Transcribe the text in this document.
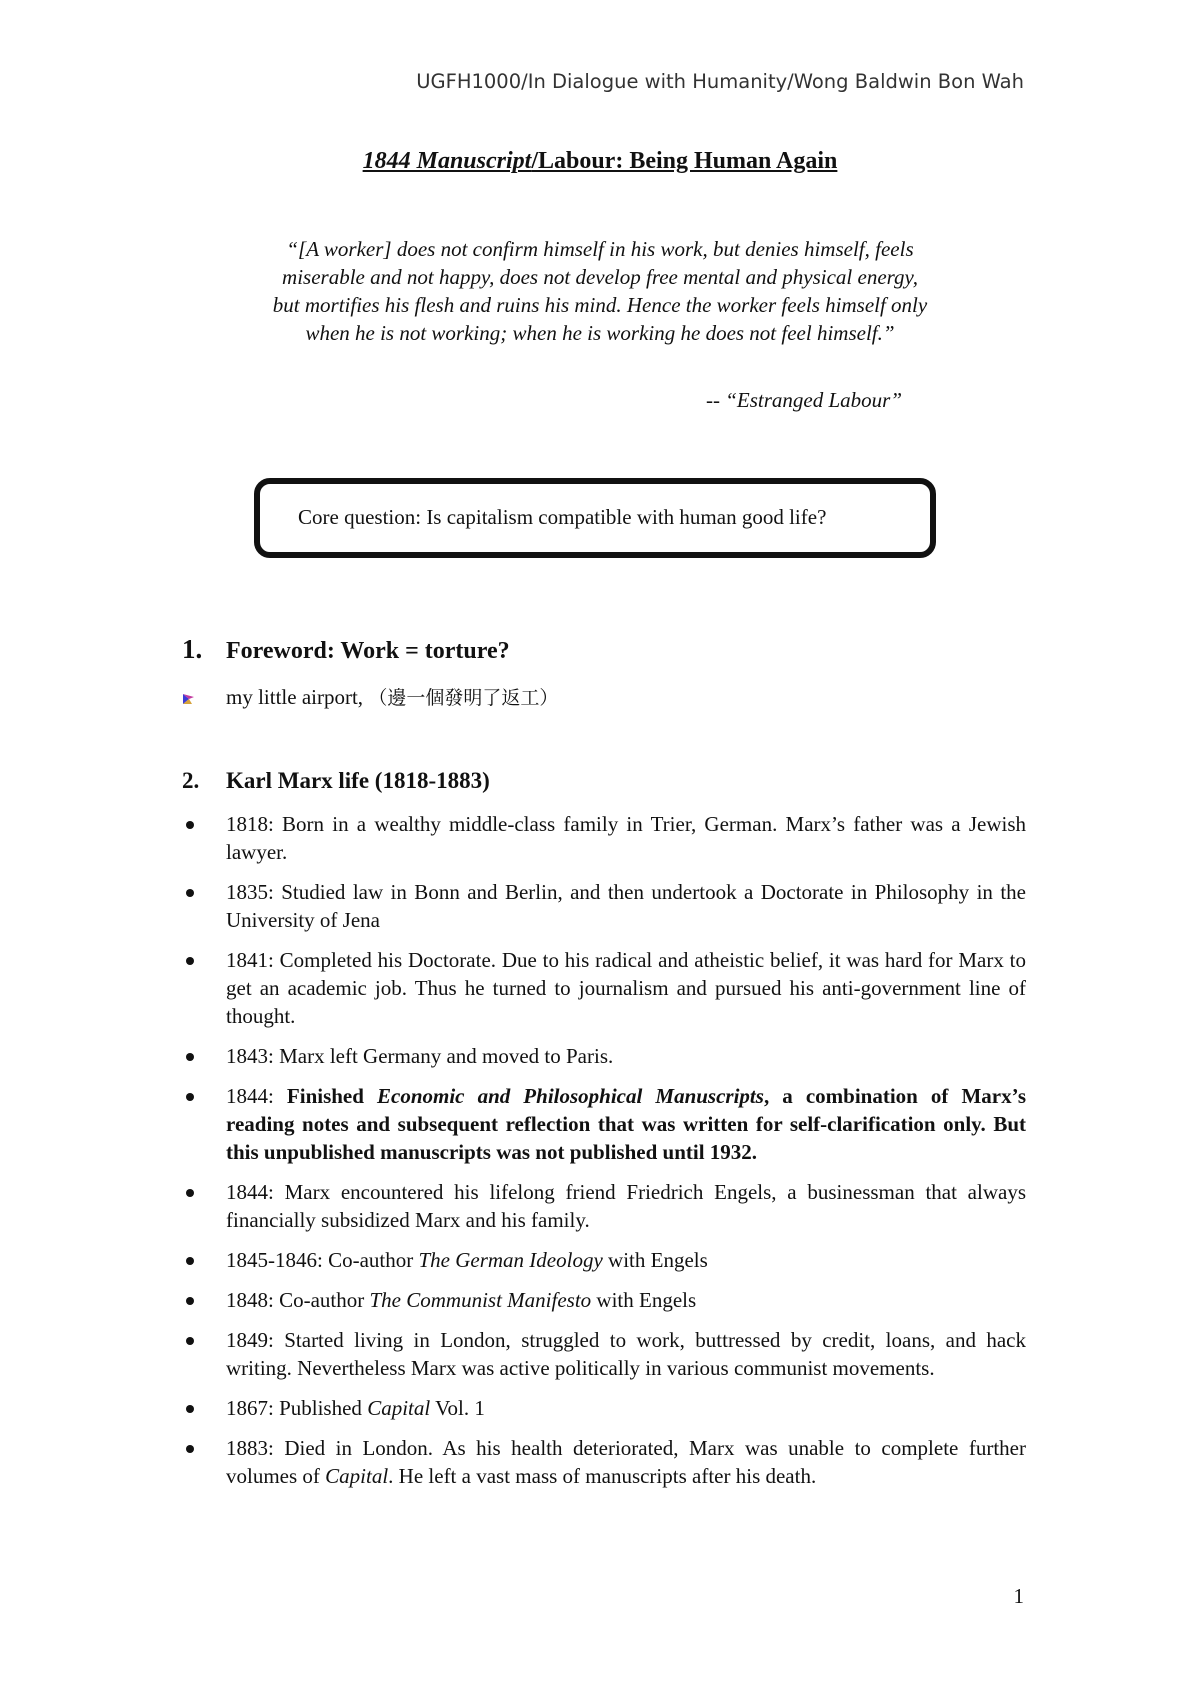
UGFH1000/In Dialogue with Humanity/Wong Baldwin Bon Wah
1844 Manuscript/Labour: Being Human Again
“[A worker] does not confirm himself in his work, but denies himself, feels miserable and not happy, does not develop free mental and physical energy, but mortifies his flesh and ruins his mind. Hence the worker feels himself only when he is not working; when he is working he does not feel himself.”
-- “Estranged Labour”
Core question: Is capitalism compatible with human good life?
1. Foreword: Work = torture?
my little airport, （邊一個發明了返工）
2. Karl Marx life (1818-1883)
1818: Born in a wealthy middle-class family in Trier, German. Marx’s father was a Jewish lawyer.
1835: Studied law in Bonn and Berlin, and then undertook a Doctorate in Philosophy in the University of Jena
1841: Completed his Doctorate. Due to his radical and atheistic belief, it was hard for Marx to get an academic job. Thus he turned to journalism and pursued his anti-government line of thought.
1843: Marx left Germany and moved to Paris.
1844: Finished Economic and Philosophical Manuscripts, a combination of Marx’s reading notes and subsequent reflection that was written for self-clarification only. But this unpublished manuscripts was not published until 1932.
1844: Marx encountered his lifelong friend Friedrich Engels, a businessman that always financially subsidized Marx and his family.
1845-1846: Co-author The German Ideology with Engels
1848: Co-author The Communist Manifesto with Engels
1849: Started living in London, struggled to work, buttressed by credit, loans, and hack writing. Nevertheless Marx was active politically in various communist movements.
1867: Published Capital Vol. 1
1883: Died in London. As his health deteriorated, Marx was unable to complete further volumes of Capital. He left a vast mass of manuscripts after his death.
1
